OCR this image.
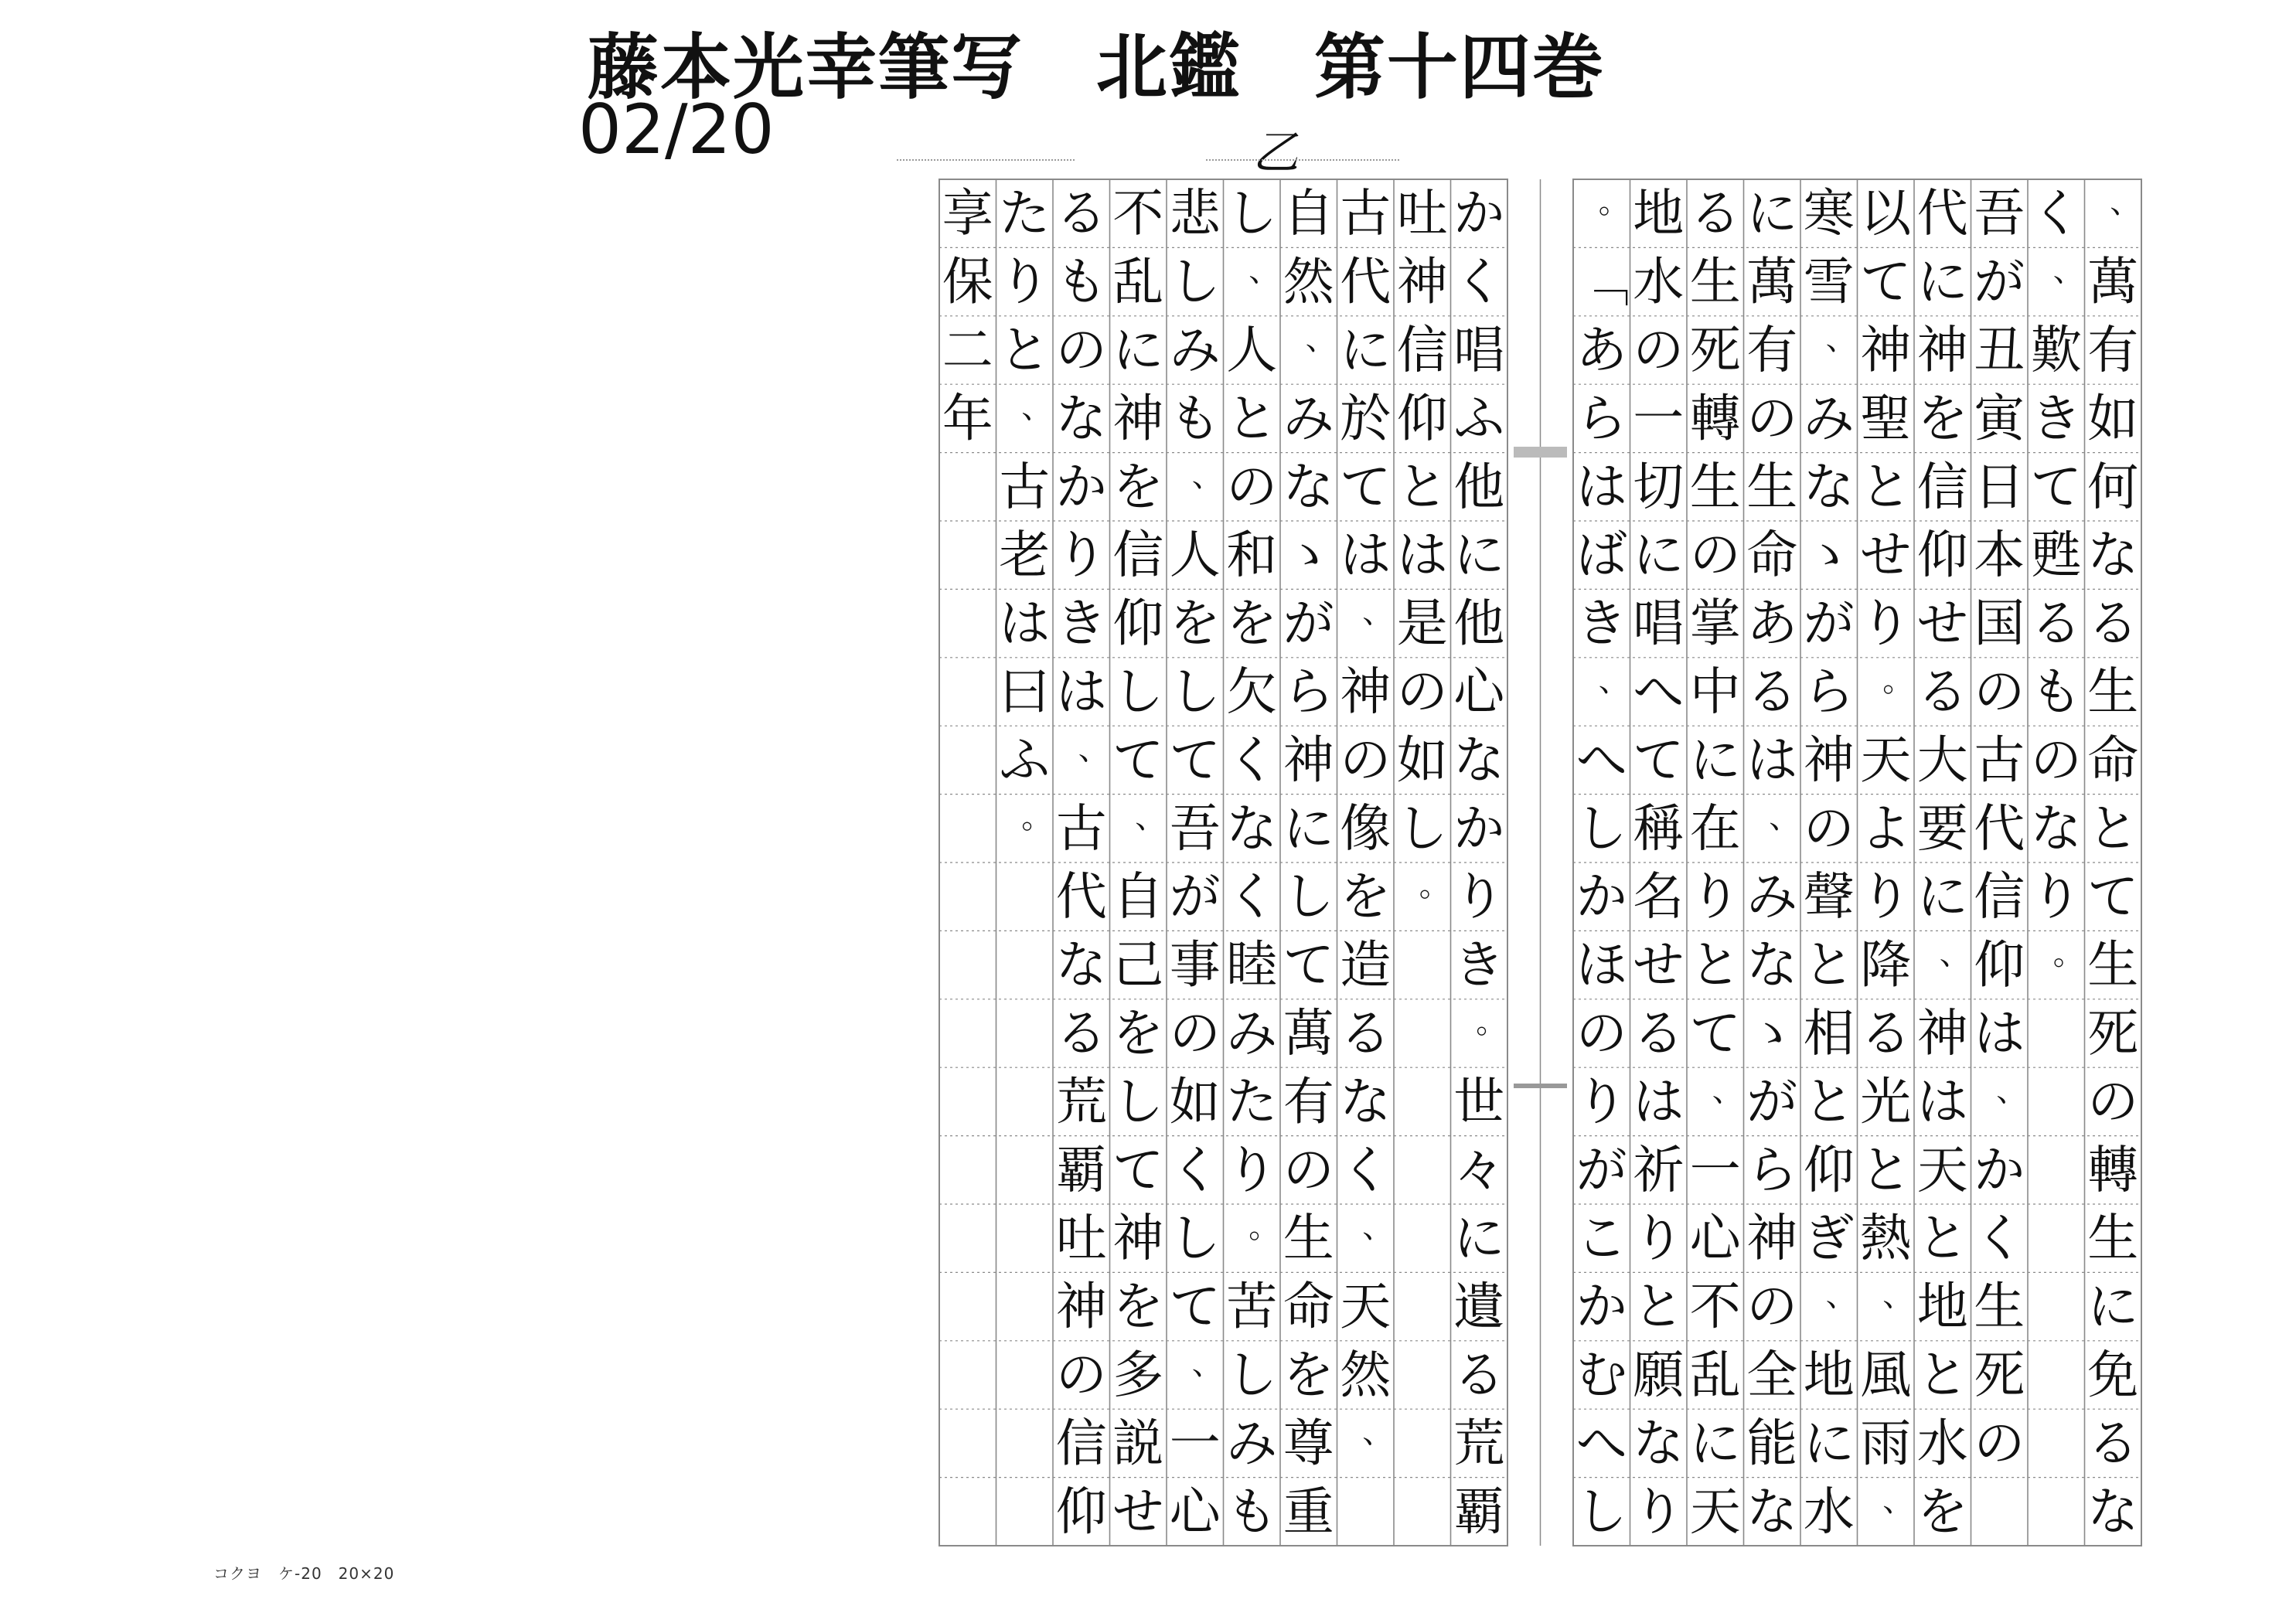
藤本光幸筆写　北鑑　第十四巻
02/20	乙
、
萬
有
如
何
な
る
生
命
と
て
生
死
の
轉
生
に
免
る
な
く
、
歎
き
て
甦
る
も
の
な
り
。
吾
が
丑
寅
日
本
国
の
古
代
信
仰
は
、
か
く
生
死
の
代
に
神
を
信
仰
せ
る
大
要
に
、
神
は
天
と
地
と
水
を
以
て
神
聖
と
せ
り
。
天
よ
り
降
る
光
と
熱
、
風
雨
、
寒
雪
、
み
な
ゝ
が
ら
神
の
聲
と
相
と
仰
ぎ
、
地
に
水
に
萬
有
の
生
命
あ
る
は
、
み
な
ゝ
が
ら
神
の
全
能
な
る
生
死
轉
生
の
掌
中
に
在
り
と
て
、
一
心
不
乱
に
天
地
水
の
一
切
に
唱
へ
て
稱
名
せ
る
は
祈
り
と
願
な
り
。
「
あ
ら
は
ば
き
、
へ
し
か
ほ
の
り
が
こ
か
む
へ
し
か
く
唱
ふ
他
に
他
心
な
か
り
き
。
世
々
に
遺
る
荒
覇
吐
神
信
仰
と
は
是
の
如
し
。
古
代
に
於
て
は
、
神
の
像
を
造
る
な
く
、
天
然
、
自
然
、
み
な
ゝ
が
ら
神
に
し
て
萬
有
の
生
命
を
尊
重
し
、
人
と
の
和
を
欠
く
な
く
睦
み
た
り
。
苦
し
み
も
悲
し
み
も
、
人
を
し
て
吾
が
事
の
如
く
し
て
、
一
心
不
乱
に
神
を
信
仰
し
て
、
自
己
を
し
て
神
を
多
説
せ
る
も
の
な
か
り
き
は
、
古
代
な
る
荒
覇
吐
神
の
信
仰
た
り
と
、
古
老
は
曰
ふ
。
享
保
二
年
コクヨ　ケ-20　20×20
